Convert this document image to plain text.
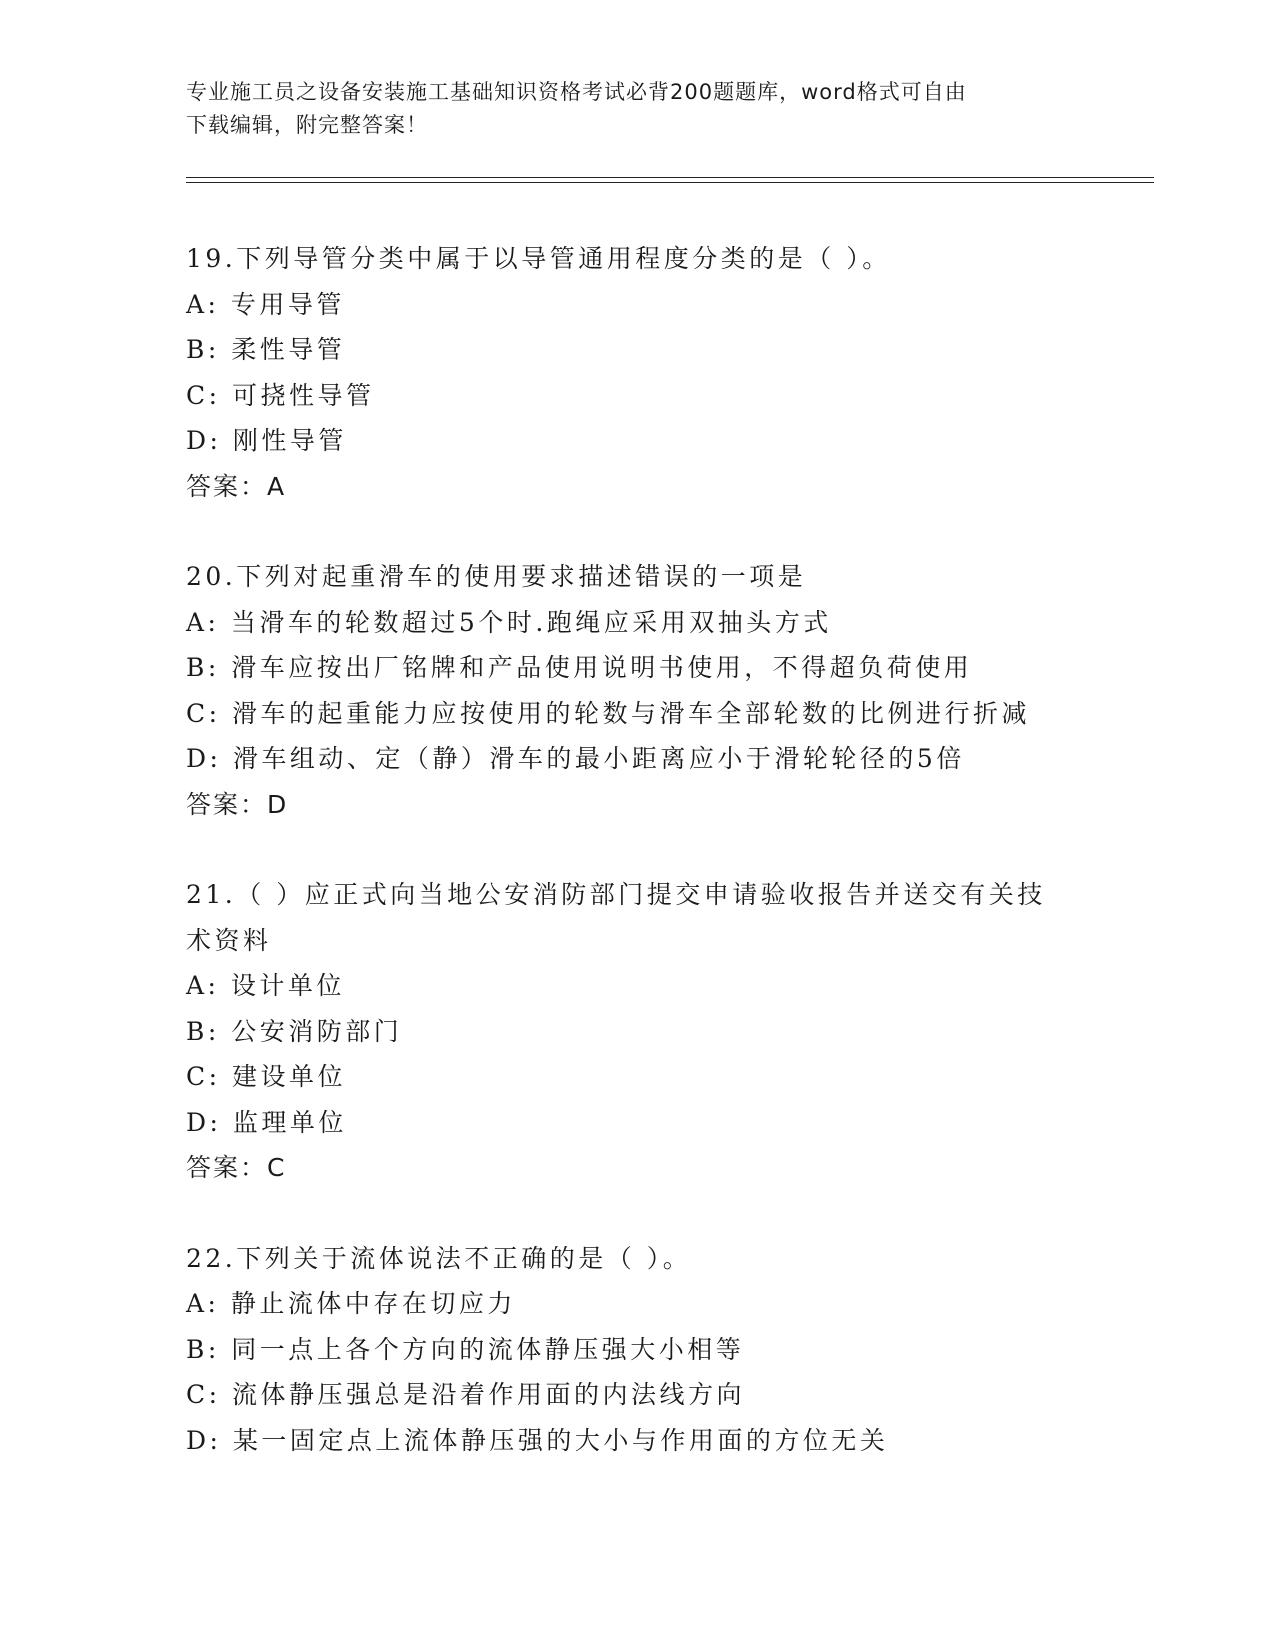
专业施工员之设备安装施工基础知识资格考试必背200题题库，word格式可自由
下载编辑，附完整答案！
19.下列导管分类中属于以导管通用程度分类的是（ ）。
A: 专用导管
B: 柔性导管
C: 可挠性导管
D: 刚性导管
答案：A
20.下列对起重滑车的使用要求描述错误的一项是
A: 当滑车的轮数超过5个时.跑绳应采用双抽头方式
B: 滑车应按出厂铭牌和产品使用说明书使用，不得超负荷使用
C: 滑车的起重能力应按使用的轮数与滑车全部轮数的比例进行折减
D: 滑车组动、定（静）滑车的最小距离应小于滑轮轮径的5倍
答案：D
21.（ ）应正式向当地公安消防部门提交申请验收报告并送交有关技
术资料
A: 设计单位
B: 公安消防部门
C: 建设单位
D: 监理单位
答案：C
22.下列关于流体说法不正确的是（ ）。
A: 静止流体中存在切应力
B: 同一点上各个方向的流体静压强大小相等
C: 流体静压强总是沿着作用面的内法线方向
D: 某一固定点上流体静压强的大小与作用面的方位无关
